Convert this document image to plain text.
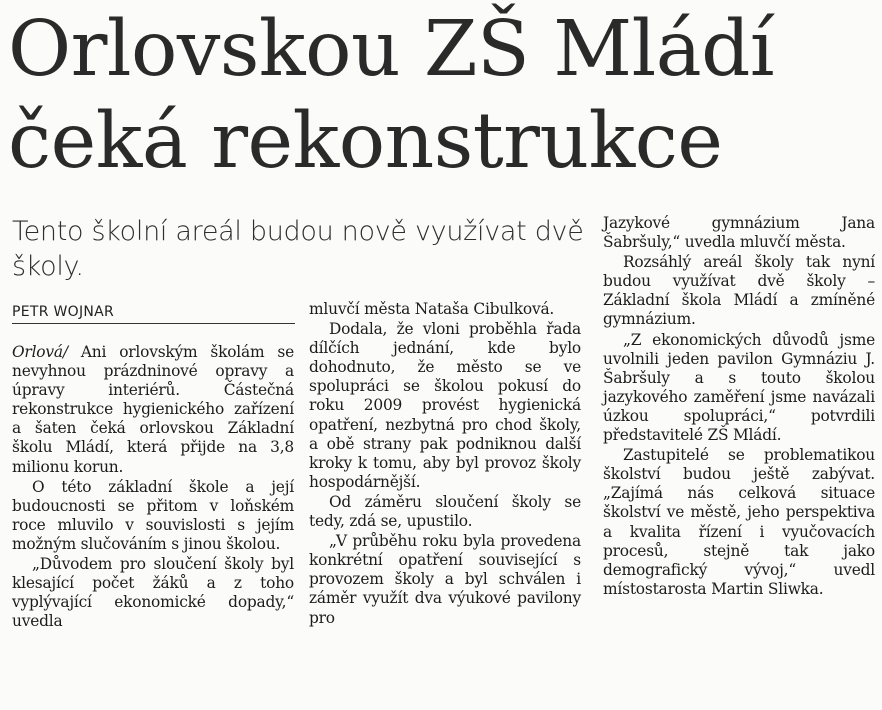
Orlovskou ZŠ Mládí
čeká rekonstrukce
Tento školní areál budou nově využívat dvě školy.
PETR WOJNAR

Orlová/ Ani orlovským školám se nevyhnou prázdninové opravy a úpravy interiérů. Částečná rekonstrukce hygienického zařízení a šaten čeká orlovskou Základní školu Mládí, která přijde na 3,8 milionu korun.

O této základní škole a její budoucnosti se přitom v loňském roce mluvilo v souvislosti s jejím možným slučováním s jinou školou.

„Důvodem pro sloučení školy byl klesající počet žáků a z toho vyplývající ekonomické dopady,“ uvedla

mluvčí města Nataša Cibulková.

Dodala, že vloni proběhla řada dílčích jednání, kde bylo dohodnuto, že město se ve spolupráci se školou pokusí do roku 2009 provést hygienická opatření, nezbytná pro chod školy, a obě strany pak podniknou další kroky k tomu, aby byl provoz školy hospodárnější.

Od záměru sloučení školy se tedy, zdá se, upustilo.

„V průběhu roku byla provedena konkrétní opatření související s provozem školy a byl schválen i záměr využít dva výukové pavilony pro

Jazykové gymnázium Jana Šabršuly,“ uvedla mluvčí města.

Rozsáhlý areál školy tak nyní budou využívat dvě školy – Základní škola Mládí a zmíněné gymnázium.

„Z ekonomických důvodů jsme uvolnili jeden pavilon Gymnáziu J. Šabršuly a s touto školou jazykového zaměření jsme navázali úzkou spolupráci,“ potvrdili představitelé ZŠ Mládí.

Zastupitelé se problematikou školství budou ještě zabývat. „Zajímá nás celková situace školství ve městě, jeho perspektiva a kvalita řízení i vyučovacích procesů, stejně tak jako demografický vývoj,“ uvedl místostarosta Martin Sliwka.
